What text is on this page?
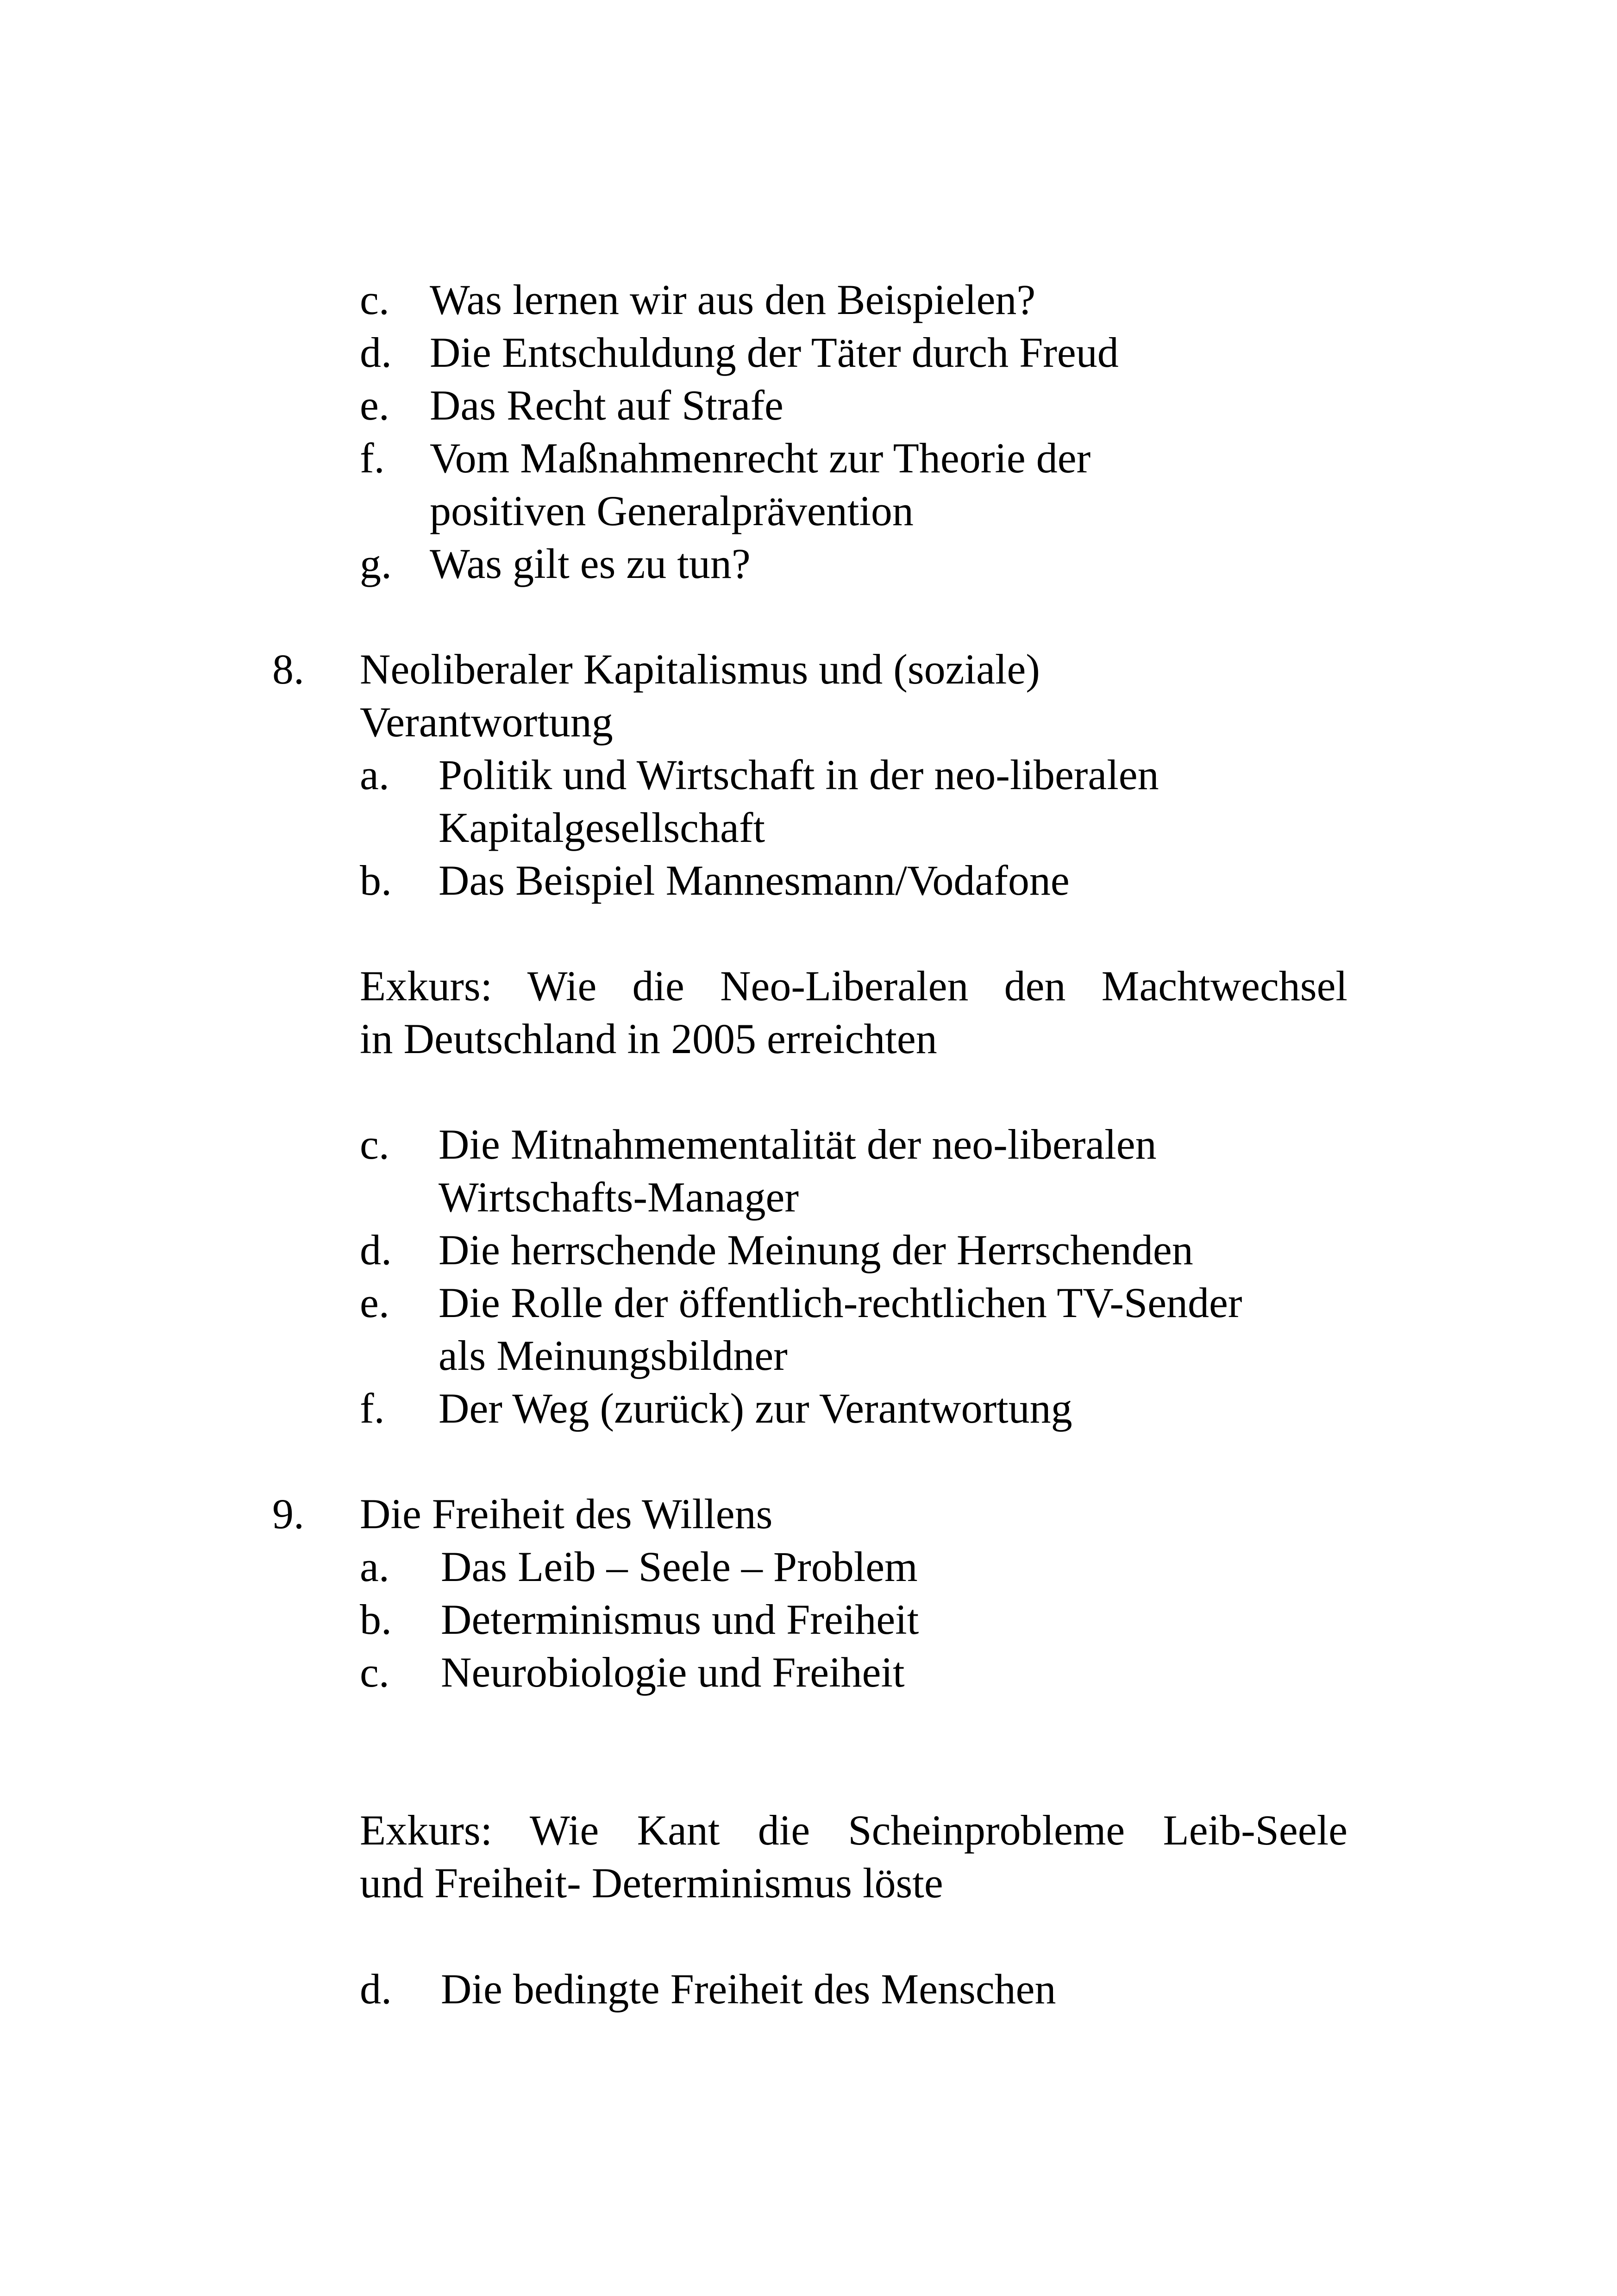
c. Was lernen wir aus den Beispielen?
d. Die Entschuldung der Täter durch Freud
e. Das Recht auf Strafe
f. Vom Maßnahmenrecht zur Theorie der
positiven Generalprävention
g. Was gilt es zu tun?
8. Neoliberaler Kapitalismus und (soziale)
Verantwortung
a. Politik und Wirtschaft in der neo-liberalen
Kapitalgesellschaft
b. Das Beispiel Mannesmann/Vodafone
Exkurs: Wie die Neo-Liberalen den Machtwechsel
in Deutschland in 2005 erreichten
c. Die Mitnahmementalität der neo-liberalen
Wirtschafts-Manager
d. Die herrschende Meinung der Herrschenden
e. Die Rolle der öffentlich-rechtlichen TV-Sender
als Meinungsbildner
f. Der Weg (zurück) zur Verantwortung
9. Die Freiheit des Willens
a. Das Leib – Seele – Problem
b. Determinismus und Freiheit
c. Neurobiologie und Freiheit
Exkurs: Wie Kant die Scheinprobleme Leib-Seele
und Freiheit- Determinismus löste
d. Die bedingte Freiheit des Menschen
